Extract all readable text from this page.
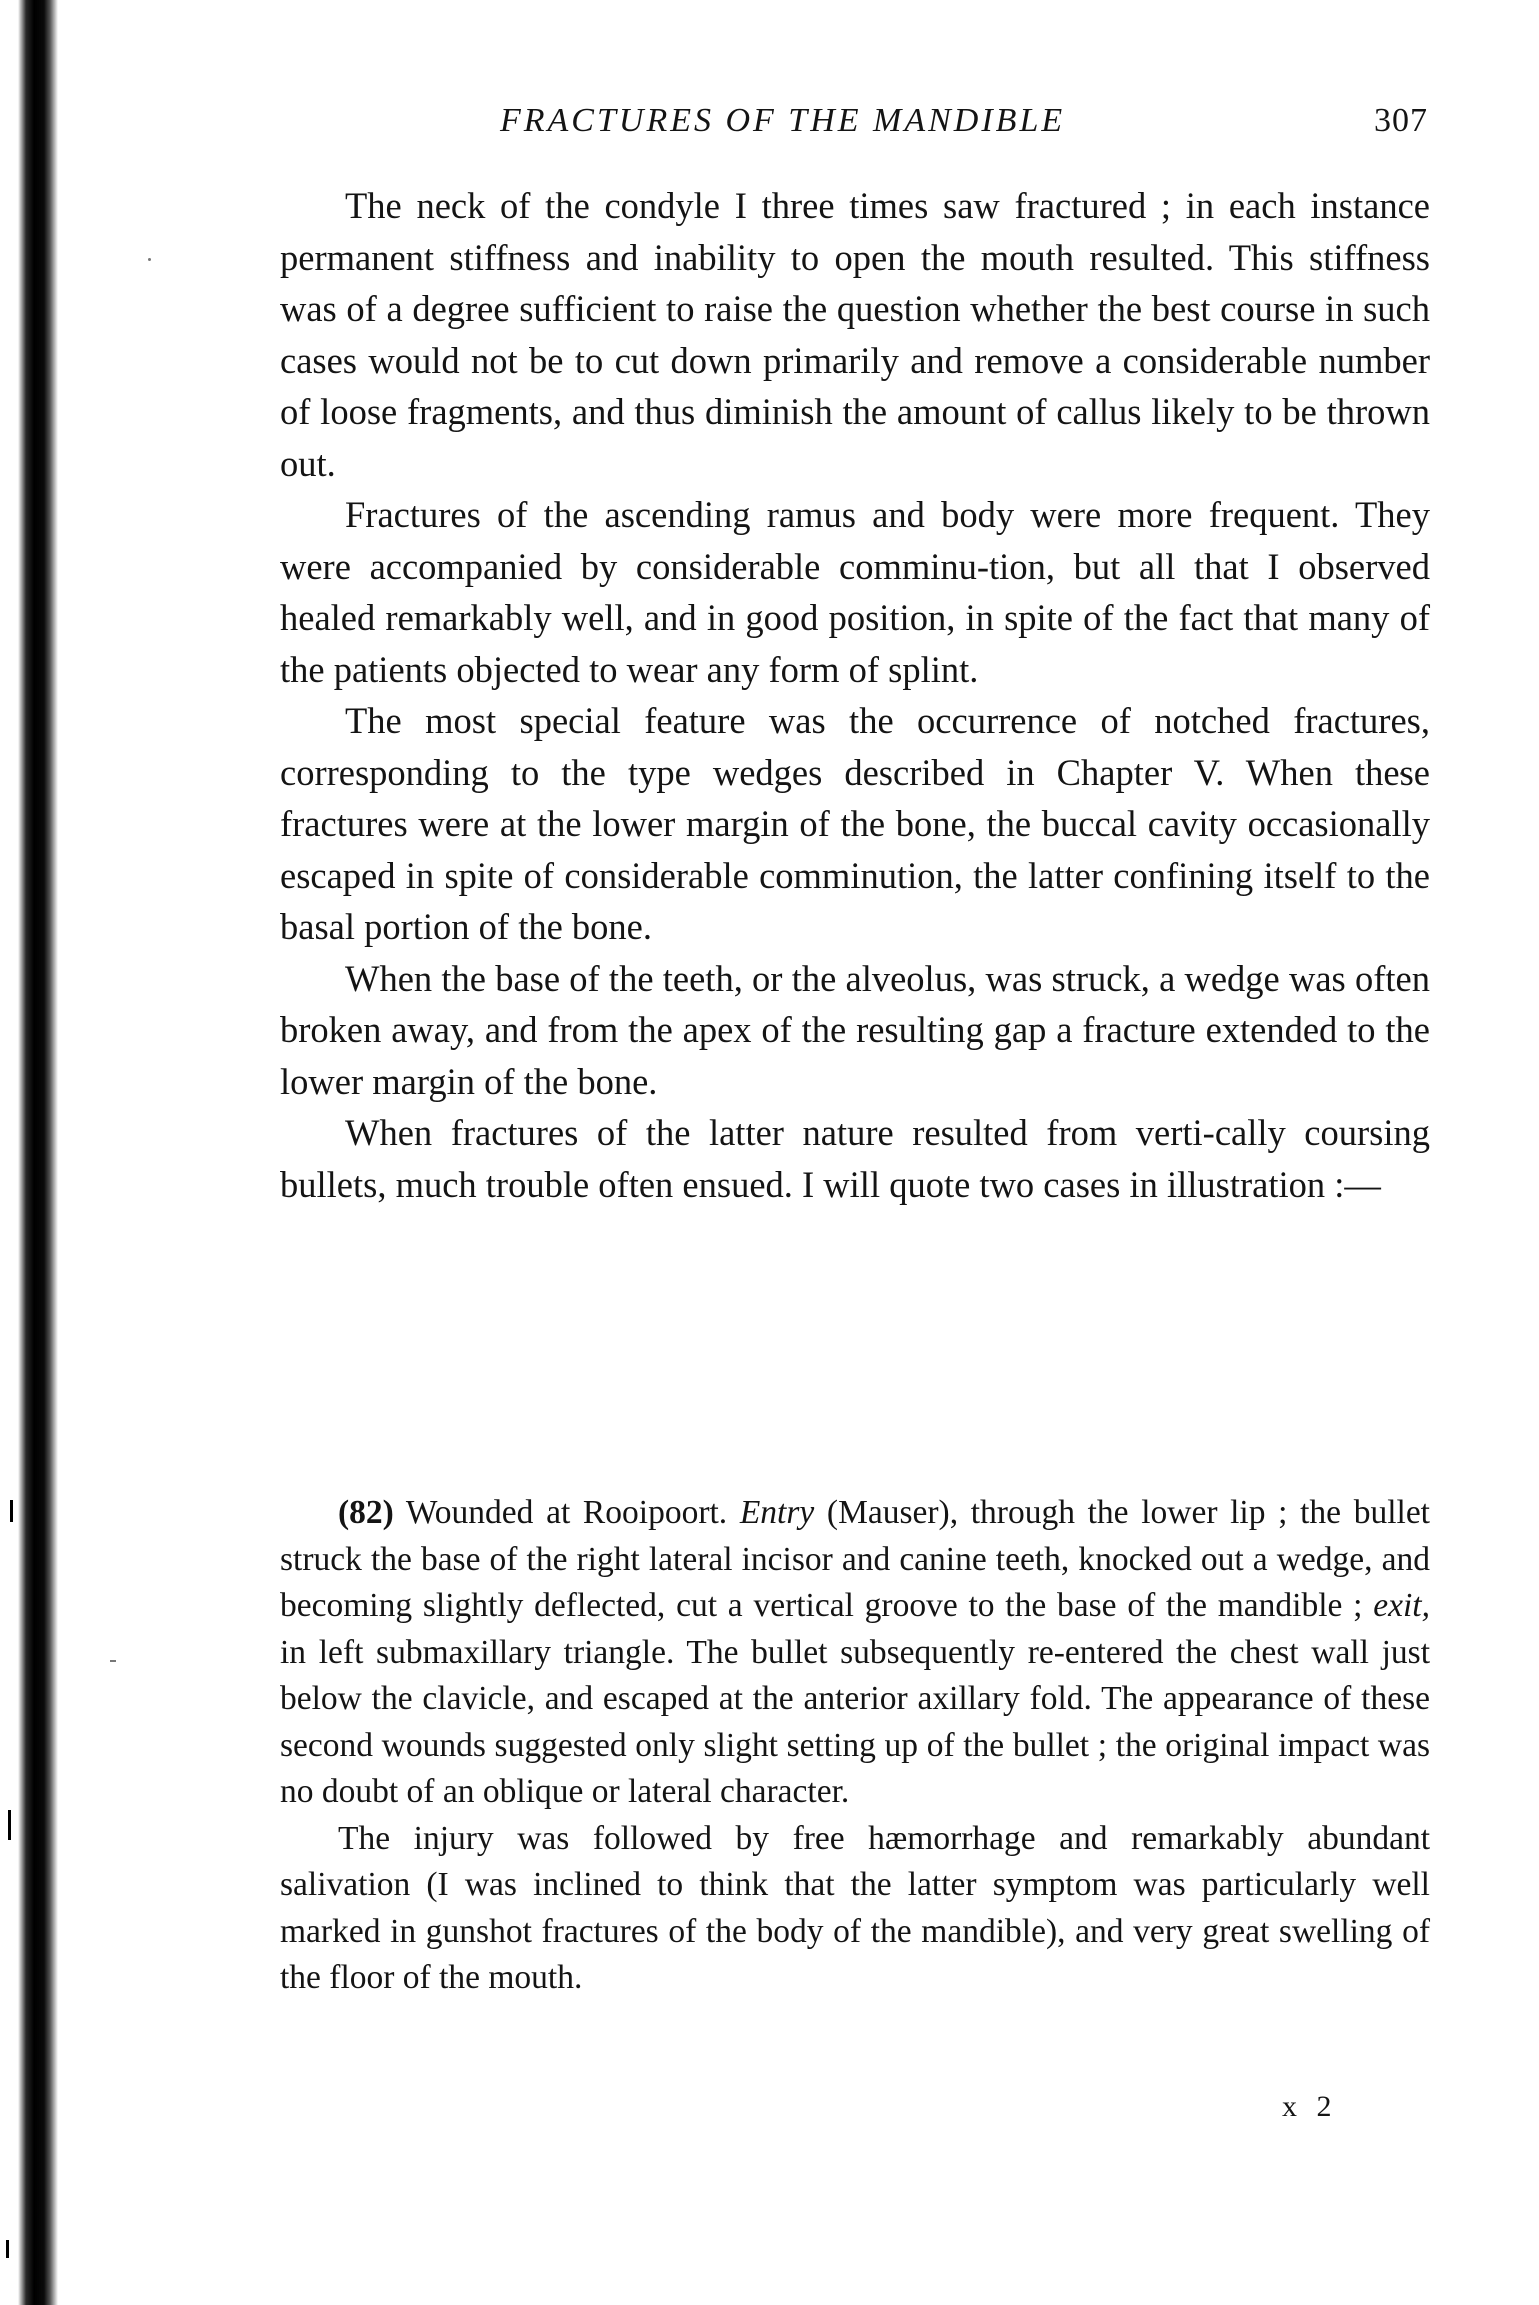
FRACTURES OF THE MANDIBLE	307

The neck of the condyle I three times saw fractured ; in each instance permanent stiffness and inability to open the mouth resulted. This stiffness was of a degree sufficient to raise the question whether the best course in such cases would not be to cut down primarily and remove a considerable number of loose fragments, and thus diminish the amount of callus likely to be thrown out.

Fractures of the ascending ramus and body were more frequent. They were accompanied by considerable comminu-tion, but all that I observed healed remarkably well, and in good position, in spite of the fact that many of the patients objected to wear any form of splint.

The most special feature was the occurrence of notched fractures, corresponding to the type wedges described in Chapter V. When these fractures were at the lower margin of the bone, the buccal cavity occasionally escaped in spite of considerable comminution, the latter confining itself to the basal portion of the bone.

When the base of the teeth, or the alveolus, was struck, a wedge was often broken away, and from the apex of the resulting gap a fracture extended to the lower margin of the bone.

When fractures of the latter nature resulted from verti-cally coursing bullets, much trouble often ensued. I will quote two cases in illustration :—

(82) Wounded at Rooipoort. Entry (Mauser), through the lower lip ; the bullet struck the base of the right lateral incisor and canine teeth, knocked out a wedge, and becoming slightly deflected, cut a vertical groove to the base of the mandible ; exit, in left submaxillary triangle. The bullet subsequently re-entered the chest wall just below the clavicle, and escaped at the anterior axillary fold. The appearance of these second wounds suggested only slight setting up of the bullet ; the original impact was no doubt of an oblique or lateral character.

The injury was followed by free hæmorrhage and remarkably abundant salivation (I was inclined to think that the latter symptom was particularly well marked in gunshot fractures of the body of the mandible), and very great swelling of the floor of the mouth.

x 2
